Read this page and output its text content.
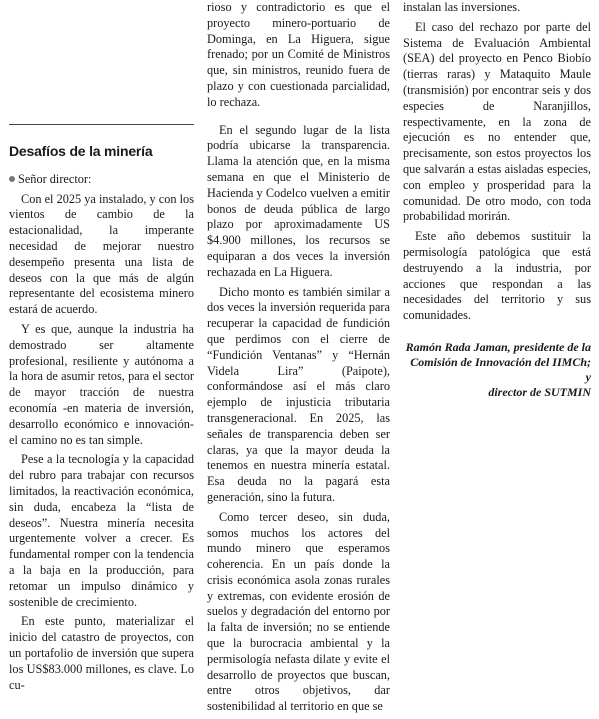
Desafíos de la minería

Señor director:

Con el 2025 ya instalado, y con los vientos de cambio de la estacionalidad, la imperante necesidad de mejorar nuestro desempeño presenta una lista de deseos con la que más de algún representante del ecosistema minero estará de acuerdo.

Y es que, aunque la industria ha demostrado ser altamente profesional, resiliente y autónoma a la hora de asumir retos, para el sector de mayor tracción de nuestra economía -en materia de inversión, desarrollo económico e innovación- el camino no es tan simple.

Pese a la tecnología y la capacidad del rubro para trabajar con recursos limitados, la reactivación económica, sin duda, encabeza la “lista de deseos”. Nuestra minería necesita urgentemente volver a crecer. Es fundamental romper con la tendencia a la baja en la producción, para retomar un impulso dinámico y sostenible de crecimiento.

En este punto, materializar el inicio del catastro de proyectos, con un portafolio de inversión que supera los US$83.000 millones, es clave. Lo cu-

rioso y contradictorio es que el proyecto minero-portuario de Dominga, en La Higuera, sigue frenado; por un Comité de Ministros que, sin ministros, reunido fuera de plazo y con cuestionada parcialidad, lo rechaza.

En el segundo lugar de la lista podría ubicarse la transparencia. Llama la atención que, en la misma semana en que el Ministerio de Hacienda y Codelco vuelven a emitir bonos de deuda pública de largo plazo por aproximadamente US $4.900 millones, los recursos se equiparan a dos veces la inversión rechazada en La Higuera.

Dicho monto es también similar a dos veces la inversión requerida para recuperar la capacidad de fundición que perdimos con el cierre de “Fundición Ventanas” y “Hernán Videla Lira” (Paipote), conformándose así el más claro ejemplo de injusticia tributaria transgeneracional. En 2025, las señales de transparencia deben ser claras, ya que la mayor deuda la tenemos en nuestra minería estatal. Esa deuda no la pagará esta generación, sino la futura.

Como tercer deseo, sin duda, somos muchos los actores del mundo minero que esperamos coherencia. En un país donde la crisis económica asola zonas rurales y extremas, con evidente erosión de suelos y degradación del entorno por la falta de inversión; no se entiende que la burocracia ambiental y la permisología nefasta dilate y evite el desarrollo de proyectos que buscan, entre otros objetivos, dar sostenibilidad al territorio en que se

instalan las inversiones.

El caso del rechazo por parte del Sistema de Evaluación Ambiental (SEA) del proyecto en Penco Biobío (tierras raras) y Mataquito Maule (transmisión) por encontrar seis y dos especies de Naranjillos, respectivamente, en la zona de ejecución es no entender que, precisamente, son estos proyectos los que salvarán a estas aisladas especies, con empleo y prosperidad para la comunidad. De otro modo, con toda probabilidad morirán.

Este año debemos sustituir la permisología patológica que está destruyendo a la industria, por acciones que respondan a las necesidades del territorio y sus comunidades.

Ramón Rada Jaman, presidente de la
Comisión de Innovación del IIMCh; y
director de SUTMIN
